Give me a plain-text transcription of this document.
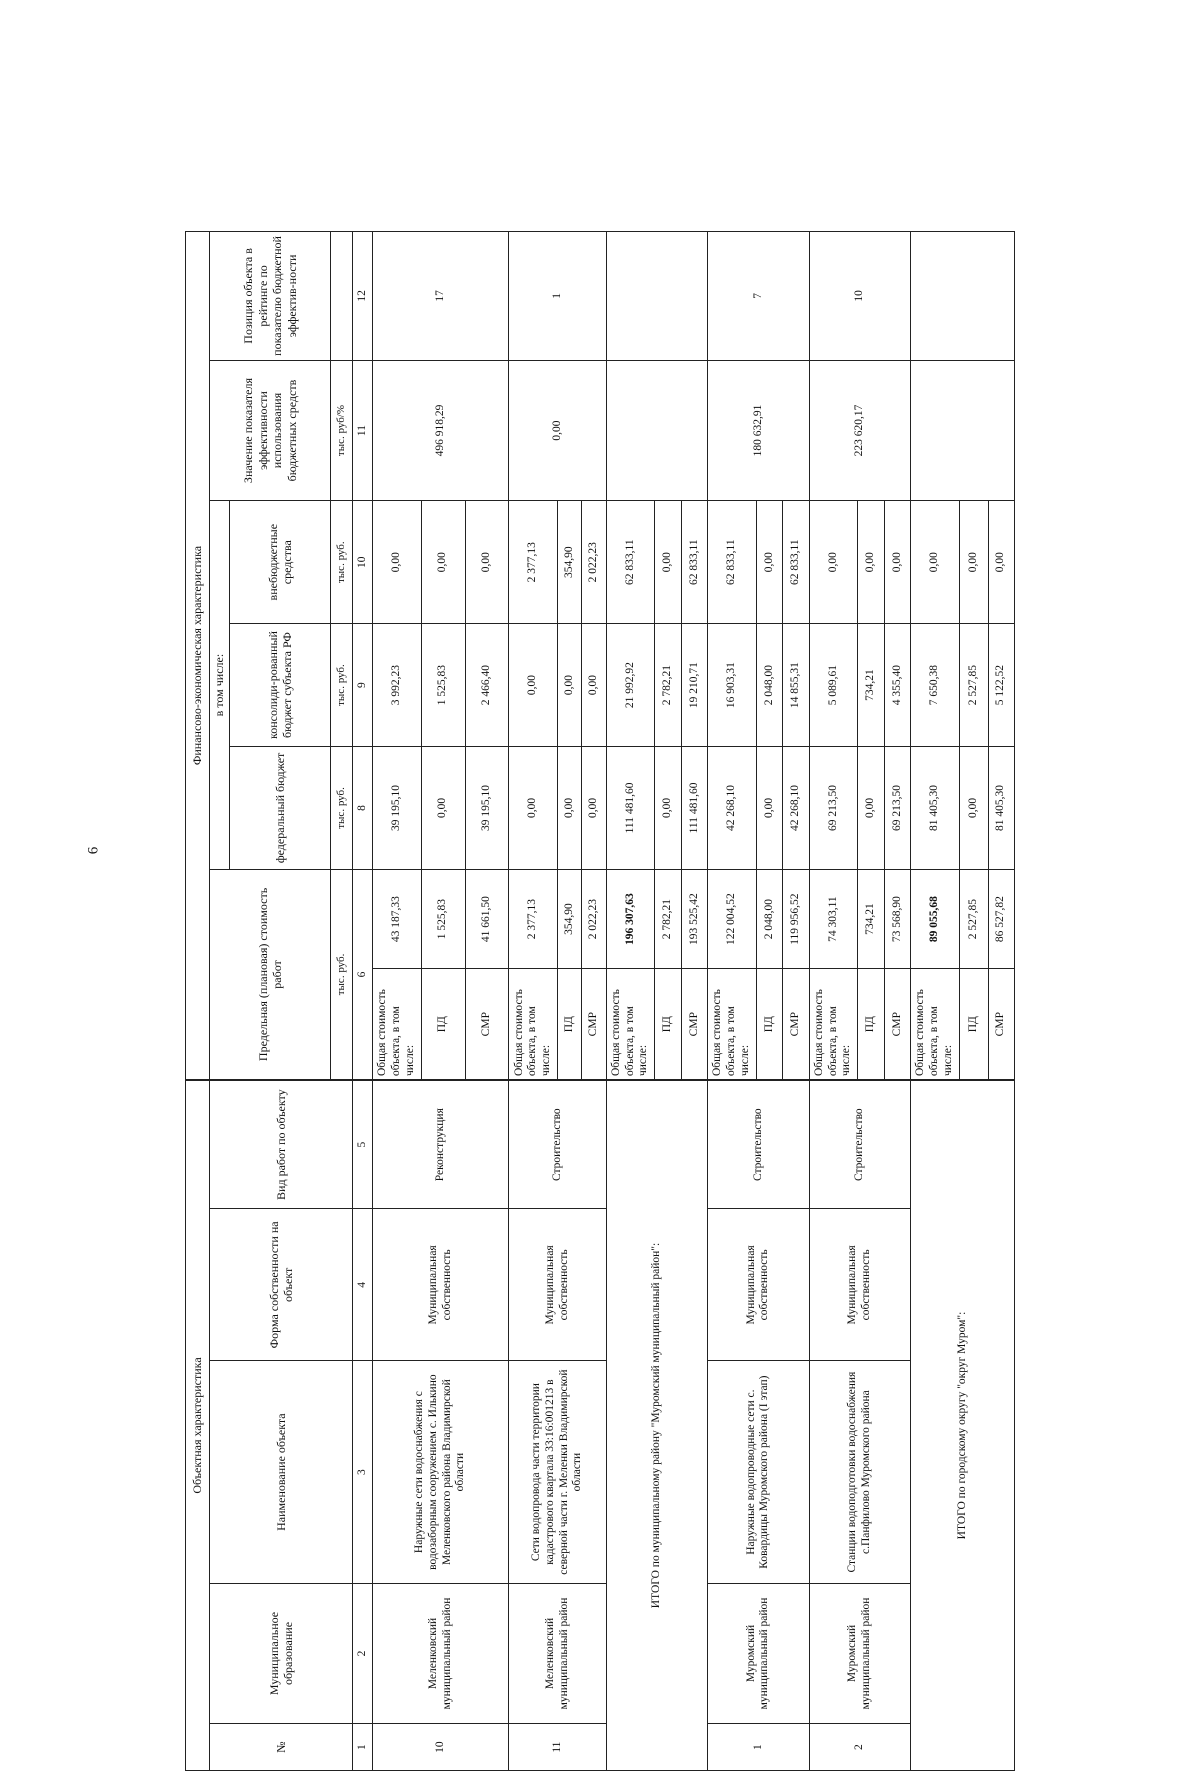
6
Объектная характеристика					Финансово-экономическая характеристика						
№	Муниципальное образование	Наименование объекта	Форма собственности на объект	Вид работ по объекту	Предельная (плановая) стоимость работ		в том числе:			Значение показателя эффективности использования бюджетных средств	Позиция объекта в рейтинге по показателю бюджетной эффектив-ности
							федеральный бюджет	консолиди-рованный бюджет субъекта РФ	внебюджетные средства		
					тыс. руб.		тыс. руб.	тыс. руб.	тыс. руб.	тыс. руб/%	
1	2	3	4	5	6		8	9	10	11	12
10	Меленковский муниципальный район	Наружные сети водоснабжения с водозаборным сооружением с. Илькино Меленковского района Владимирской области	Муниципальная собственность	Реконструкция	Общая стоимость объекта, в том числе:	43 187,33	39 195,10	3 992,23	0,00	496 918,29	17
					ПД	1 525,83	0,00	1 525,83	0,00		
					СМР	41 661,50	39 195,10	2 466,40	0,00		
11	Меленковский муниципальный район	Сети водопровода части территории кадастрового квартала 33:16:001213 в северной части г. Меленки Владимирской области	Муниципальная собственность	Строительство	Общая стоимость объекта, в том числе:	2 377,13	0,00	0,00	2 377,13	0,00	1
					ПД	354,90	0,00	0,00	354,90		
					СМР	2 022,23	0,00	0,00	2 022,23		
ИТОГО по муниципальному району "Муромский муниципальный район":					Общая стоимость объекта, в том числе:	196 307,63	111 481,60	21 992,92	62 833,11		
					ПД	2 782,21	0,00	2 782,21	0,00		
					СМР	193 525,42	111 481,60	19 210,71	62 833,11		
1	Муромский муниципальный район	Наружные водопроводные сети с. Ковардицы Муромского района (I этап)	Муниципальная собственность	Строительство	Общая стоимость объекта, в том числе:	122 004,52	42 268,10	16 903,31	62 833,11	180 632,91	7
					ПД	2 048,00	0,00	2 048,00	0,00		
					СМР	119 956,52	42 268,10	14 855,31	62 833,11		
2	Муромский муниципальный район	Станции водоподготовки водоснабжения с.Панфилово Муромского района	Муниципальная собственность	Строительство	Общая стоимость объекта, в том числе:	74 303,11	69 213,50	5 089,61	0,00	223 620,17	10
					ПД	734,21	0,00	734,21	0,00		
					СМР	73 568,90	69 213,50	4 355,40	0,00		
ИТОГО по городскому округу "округ Муром":					Общая стоимость объекта, в том числе:	89 055,68	81 405,30	7 650,38	0,00		
					ПД	2 527,85	0,00	2 527,85	0,00		
					СМР	86 527,82	81 405,30	5 122,52	0,00		
